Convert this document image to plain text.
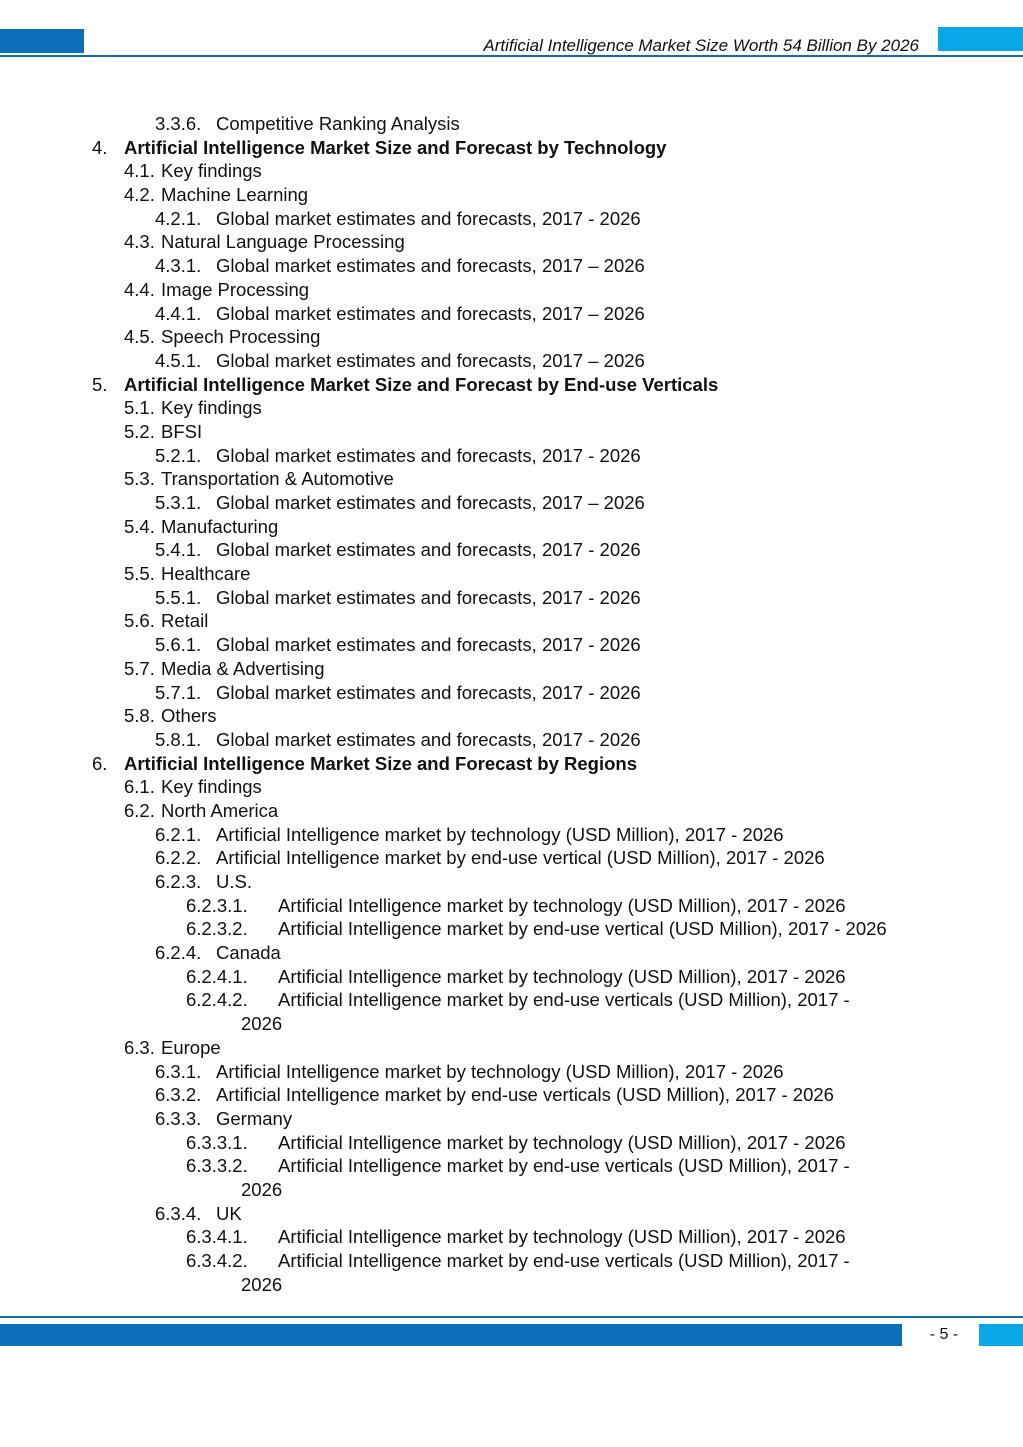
Artificial Intelligence Market Size Worth 54 Billion By 2026
3.3.6. Competitive Ranking Analysis
4. Artificial Intelligence Market Size and Forecast by Technology
4.1. Key findings
4.2. Machine Learning
4.2.1. Global market estimates and forecasts, 2017 - 2026
4.3. Natural Language Processing
4.3.1. Global market estimates and forecasts, 2017 – 2026
4.4. Image Processing
4.4.1. Global market estimates and forecasts, 2017 – 2026
4.5. Speech Processing
4.5.1. Global market estimates and forecasts, 2017 – 2026
5. Artificial Intelligence Market Size and Forecast by End-use Verticals
5.1. Key findings
5.2. BFSI
5.2.1. Global market estimates and forecasts, 2017 - 2026
5.3. Transportation & Automotive
5.3.1. Global market estimates and forecasts, 2017 – 2026
5.4. Manufacturing
5.4.1. Global market estimates and forecasts, 2017 - 2026
5.5. Healthcare
5.5.1. Global market estimates and forecasts, 2017 - 2026
5.6. Retail
5.6.1. Global market estimates and forecasts, 2017 - 2026
5.7. Media & Advertising
5.7.1. Global market estimates and forecasts, 2017 - 2026
5.8. Others
5.8.1. Global market estimates and forecasts, 2017 - 2026
6. Artificial Intelligence Market Size and Forecast by Regions
6.1. Key findings
6.2. North America
6.2.1. Artificial Intelligence market by technology (USD Million), 2017 - 2026
6.2.2. Artificial Intelligence market by end-use vertical (USD Million), 2017 - 2026
6.2.3. U.S.
6.2.3.1. Artificial Intelligence market by technology (USD Million), 2017 - 2026
6.2.3.2. Artificial Intelligence market by end-use vertical (USD Million), 2017 - 2026
6.2.4. Canada
6.2.4.1. Artificial Intelligence market by technology (USD Million), 2017 - 2026
6.2.4.2. Artificial Intelligence market by end-use verticals (USD Million), 2017 -
2026
6.3. Europe
6.3.1. Artificial Intelligence market by technology (USD Million), 2017 - 2026
6.3.2. Artificial Intelligence market by end-use verticals (USD Million), 2017 - 2026
6.3.3. Germany
6.3.3.1. Artificial Intelligence market by technology (USD Million), 2017 - 2026
6.3.3.2. Artificial Intelligence market by end-use verticals (USD Million), 2017 -
2026
6.3.4. UK
6.3.4.1. Artificial Intelligence market by technology (USD Million), 2017 - 2026
6.3.4.2. Artificial Intelligence market by end-use verticals (USD Million), 2017 -
2026
- 5 -
